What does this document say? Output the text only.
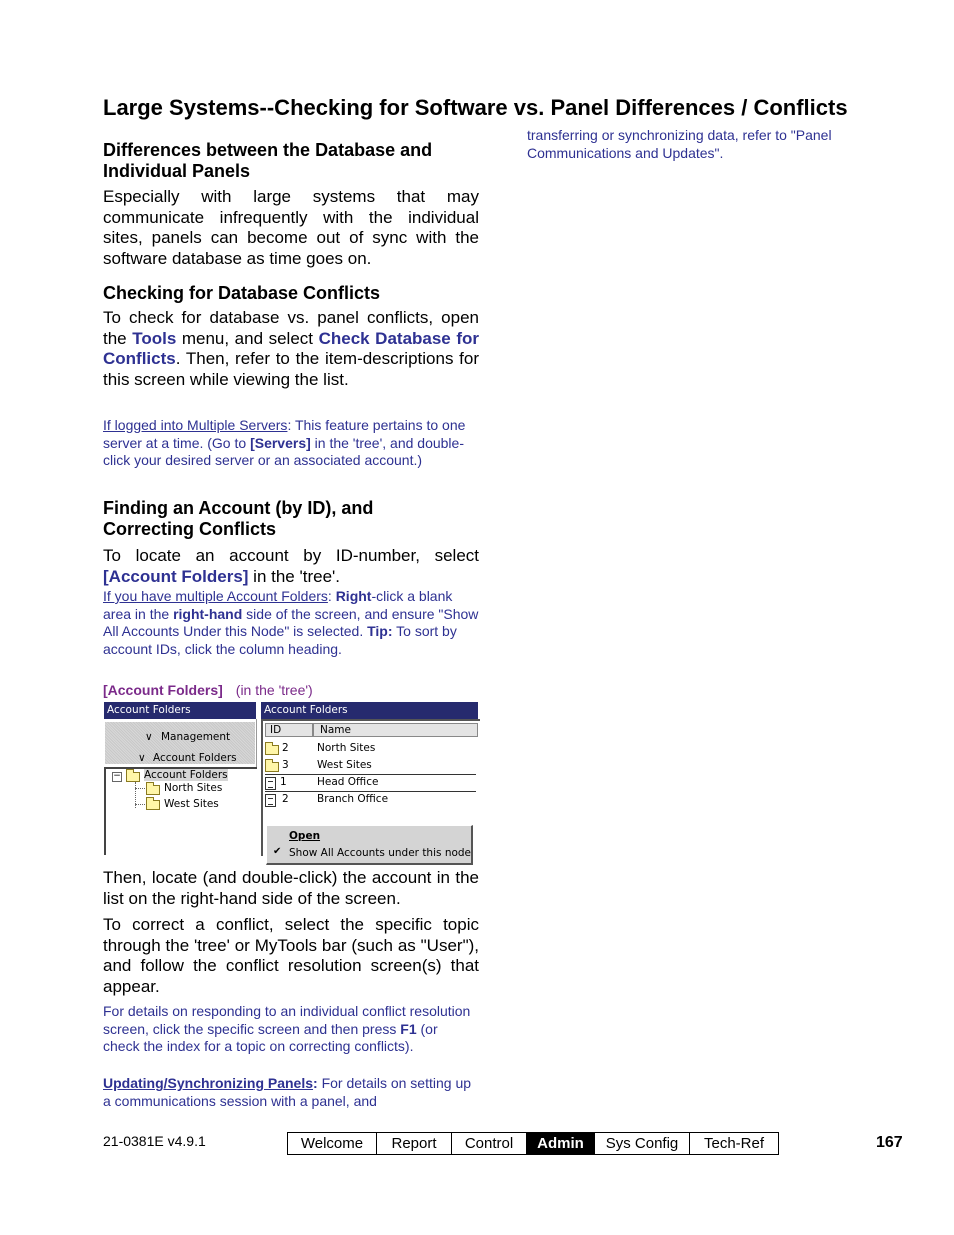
Large Systems--Checking for Software vs. Panel Differences / Conflicts
transferring or synchronizing data, refer to "Panel
Communications and Updates".
Differences between the Database and Individual Panels
Especially with large systems that may communicate infrequently with the individual sites, panels can become out of sync with the software database as time goes on.
Checking for Database Conflicts
To check for database vs. panel conflicts, open the Tools menu, and select Check Database for Conflicts. Then, refer to the item-descriptions for this screen while viewing the list.
If logged into Multiple Servers: This feature pertains to one server at a time. (Go to [Servers] in the 'tree', and double-click your desired server or an associated account.)
Finding an Account (by ID), and Correcting Conflicts
To locate an account by ID-number, select [Account Folders] in the 'tree'.
If you have multiple Account Folders: Right-click a blank area in the right-hand side of the screen, and ensure "Show All Accounts Under this Node" is selected. Tip: To sort by account IDs, click the column heading.
[Account Folders] (in the 'tree')
Account Folders
∨ Management
∨ Account Folders
− Account Folders
North Sites
West Sites
Account Folders
ID	Name
2	North Sites
3	West Sites
1	Head Office
2	Branch Office
Open
✔ Show All Accounts under this node
Then, locate (and double-click) the account in the list on the right-hand side of the screen.
To correct a conflict, select the specific topic through the 'tree' or MyTools bar (such as "User"), and follow the conflict resolution screen(s) that appear.
For details on responding to an individual conflict resolution screen, click the specific screen and then press F1 (or check the index for a topic on correcting conflicts).
Updating/Synchronizing Panels: For details on setting up a communications session with a panel, and
21-0381E v4.9.1	Welcome	Report	Control	Admin	Sys Config	Tech-Ref	167
